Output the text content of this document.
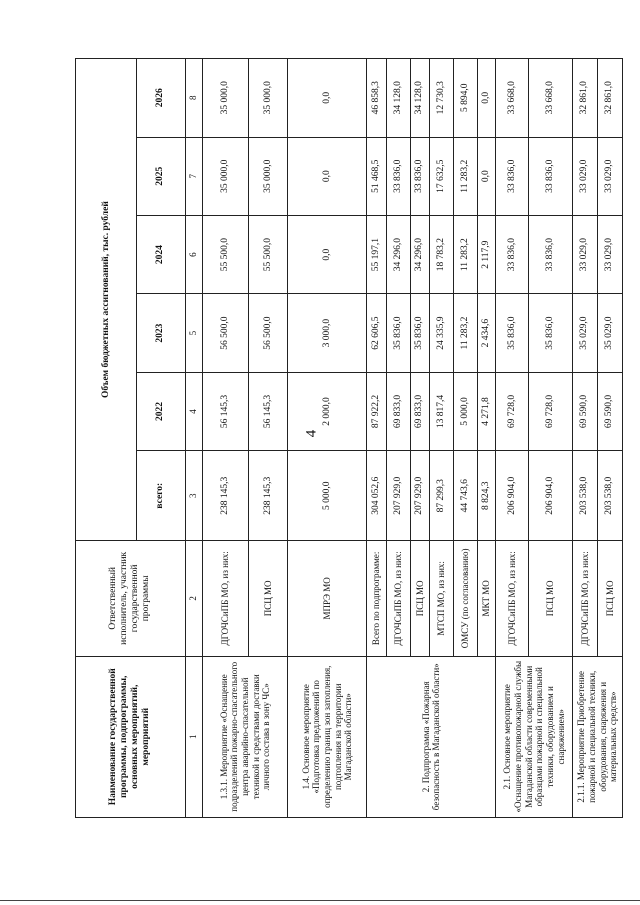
4
Наименование государственной программы, подпрограммы, основных мероприятий, мероприятий	Ответственный исполнитель, участник государственной программы	Объем бюджетных ассигнований, тыс. рублей					
		всего:	2022	2023	2024	2025	2026
1	2	3	4	5	6	7	8
1.3.1. Мероприятие «Оснащение подразделений пожарно-спасательного центра аварийно-спасательной техникой и средствами доставки личного состава в зону ЧС»	ДГОЧСиПБ МО, из них:	238 145,3	56 145,3	56 500,0	55 500,0	35 000,0	35 000,0
	ПСЦ МО	238 145,3	56 145,3	56 500,0	55 500,0	35 000,0	35 000,0
1.4. Основное мероприятие «Подготовка предложений по определению границ зон затопления, подтопления на территории Магаданской области»	МПРЭ МО	5 000,0	2 000,0	3 000,0	0,0	0,0	0,0
2. Подпрограмма «Пожарная безопасность в Магаданской области»	Всего по подпрограмме:	304 052,6	87 922,2	62 606,5	55 197,1	51 468,5	46 858,3
	ДГОЧСиПБ МО, из них:	207 929,0	69 833,0	35 836,0	34 296,0	33 836,0	34 128,0
	ПСЦ МО	207 929,0	69 833,0	35 836,0	34 296,0	33 836,0	34 128,0
	МТСП МО, из них:	87 299,3	13 817,4	24 335,9	18 783,2	17 632,5	12 730,3
	ОМСУ (по согласованию)	44 743,6	5 000,0	11 283,2	11 283,2	11 283,2	5 894,0
	МКТ МО	8 824,3	4 271,8	2 434,6	2 117,9	0,0	0,0
2.1. Основное мероприятие «Оснащение противопожарной службы Магаданской области современными образцами пожарной и специальной техники, оборудованием и снаряжением»	ДГОЧСиПБ МО, из них:	206 904,0	69 728,0	35 836,0	33 836,0	33 836,0	33 668,0
	ПСЦ МО	206 904,0	69 728,0	35 836,0	33 836,0	33 836,0	33 668,0
2.1.1. Мероприятие Приобретение пожарной и специальной техники, оборудования, снаряжения и материальных средств»	ДГОЧСиПБ МО, из них:	203 538,0	69 590,0	35 029,0	33 029,0	33 029,0	32 861,0
	ПСЦ МО	203 538,0	69 590,0	35 029,0	33 029,0	33 029,0	32 861,0
